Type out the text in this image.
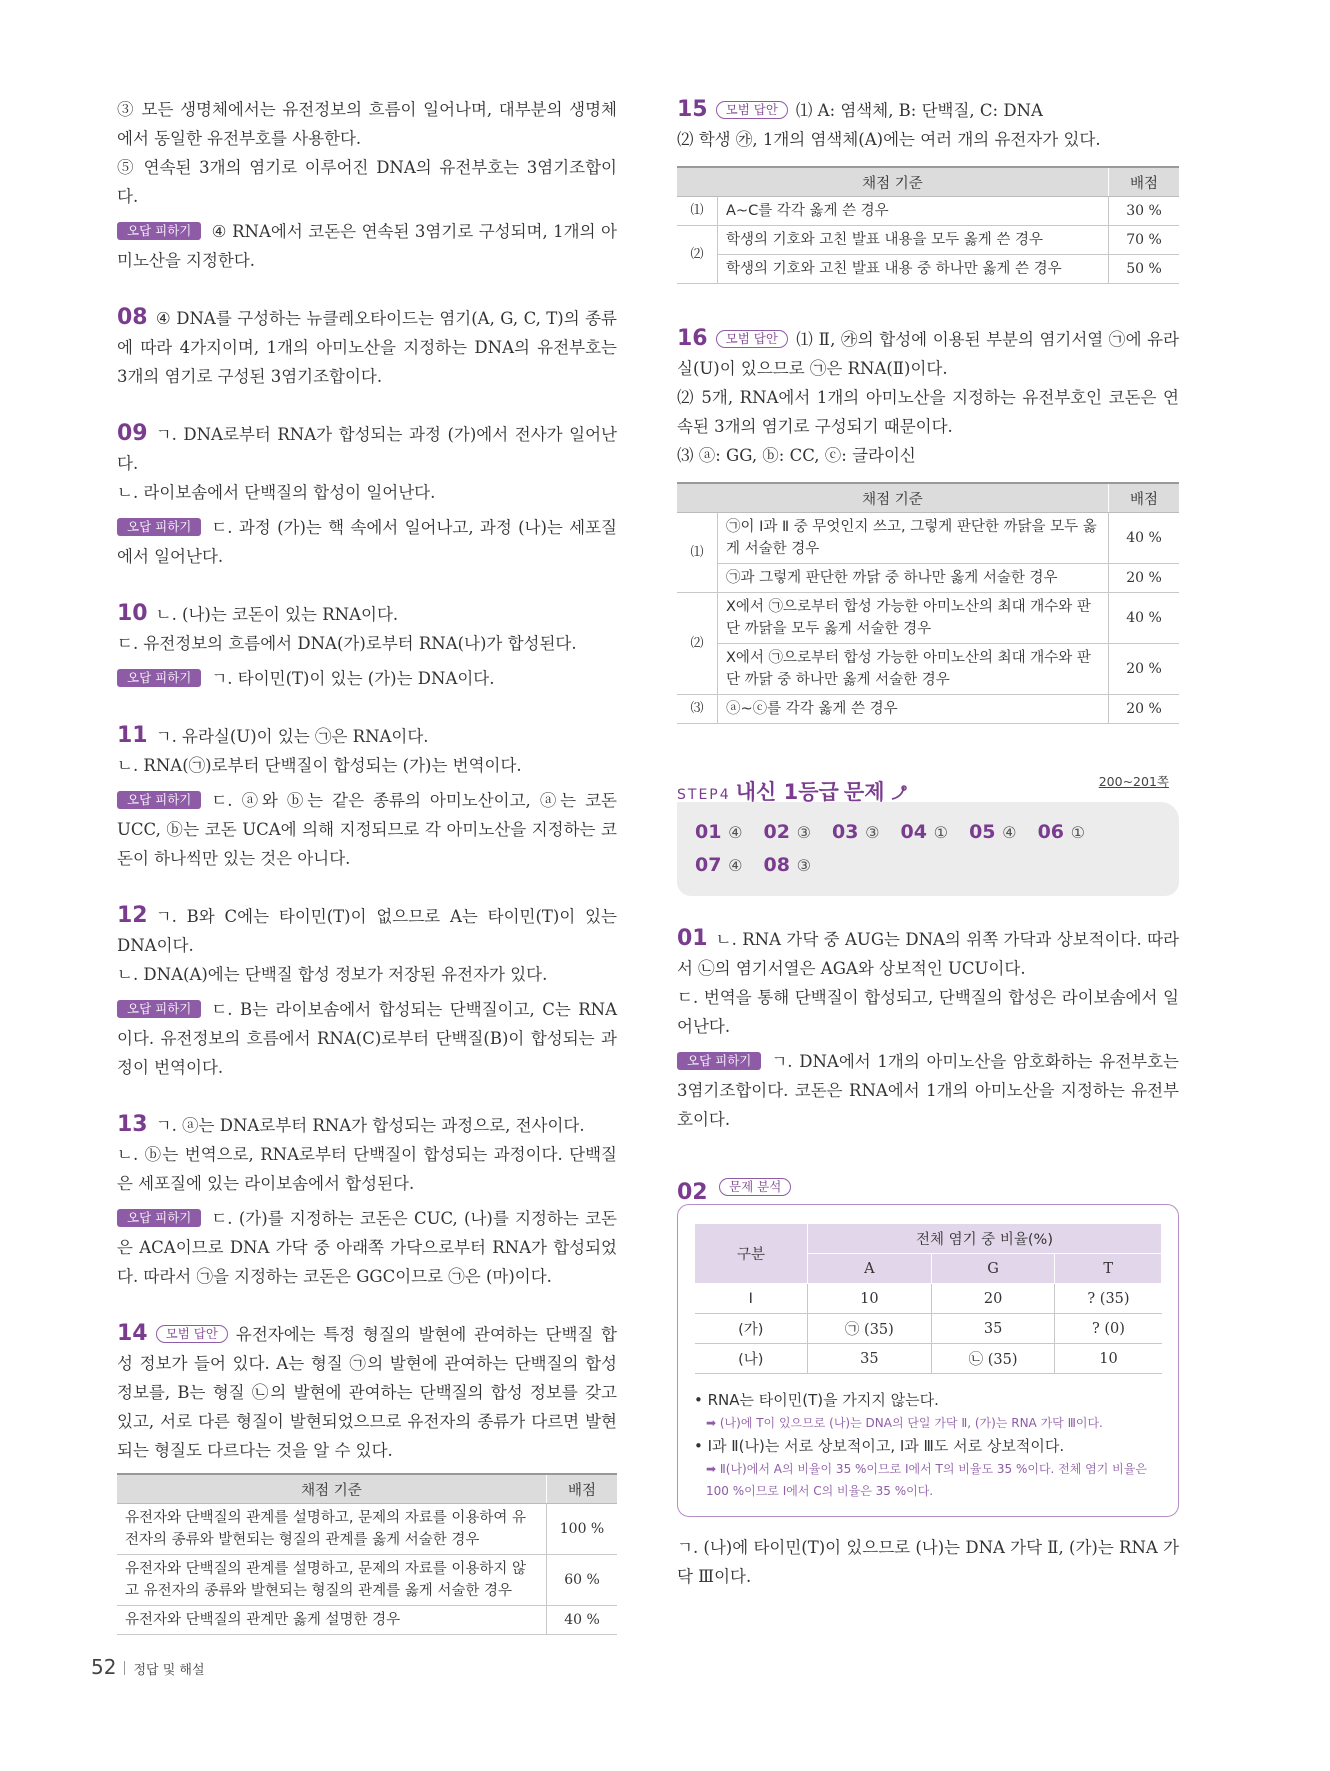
③ 모든 생명체에서는 유전정보의 흐름이 일어나며, 대부분의 생명체에서 동일한 유전부호를 사용한다.

⑤ 연속된 3개의 염기로 이루어진 DNA의 유전부호는 3염기조합이다.

오답 피하기 ④ RNA에서 코돈은 연속된 3염기로 구성되며, 1개의 아미노산을 지정한다.

08 ④ DNA를 구성하는 뉴클레오타이드는 염기(A, G, C, T)의 종류에 따라 4가지이며, 1개의 아미노산을 지정하는 DNA의 유전부호는 3개의 염기로 구성된 3염기조합이다.

09 ㄱ. DNA로부터 RNA가 합성되는 과정 (가)에서 전사가 일어난다.

ㄴ. 라이보솜에서 단백질의 합성이 일어난다.

오답 피하기 ㄷ. 과정 (가)는 핵 속에서 일어나고, 과정 (나)는 세포질에서 일어난다.

10 ㄴ. (나)는 코돈이 있는 RNA이다.

ㄷ. 유전정보의 흐름에서 DNA(가)로부터 RNA(나)가 합성된다.

오답 피하기 ㄱ. 타이민(T)이 있는 (가)는 DNA이다.

11 ㄱ. 유라실(U)이 있는 ㉠은 RNA이다.

ㄴ. RNA(㉠)로부터 단백질이 합성되는 (가)는 번역이다.

오답 피하기 ㄷ. ⓐ와 ⓑ는 같은 종류의 아미노산이고, ⓐ는 코돈 UCC, ⓑ는 코돈 UCA에 의해 지정되므로 각 아미노산을 지정하는 코돈이 하나씩만 있는 것은 아니다.

12 ㄱ. B와 C에는 타이민(T)이 없으므로 A는 타이민(T)이 있는 DNA이다.

ㄴ. DNA(A)에는 단백질 합성 정보가 저장된 유전자가 있다.

오답 피하기 ㄷ. B는 라이보솜에서 합성되는 단백질이고, C는 RNA이다. 유전정보의 흐름에서 RNA(C)로부터 단백질(B)이 합성되는 과정이 번역이다.

13 ㄱ. ⓐ는 DNA로부터 RNA가 합성되는 과정으로, 전사이다.

ㄴ. ⓑ는 번역으로, RNA로부터 단백질이 합성되는 과정이다. 단백질은 세포질에 있는 라이보솜에서 합성된다.

오답 피하기 ㄷ. (가)를 지정하는 코돈은 CUC, (나)를 지정하는 코돈은 ACA이므로 DNA 가닥 중 아래쪽 가닥으로부터 RNA가 합성되었다. 따라서 ㉠을 지정하는 코돈은 GGC이므로 ㉠은 (마)이다.

14 모범 답안 유전자에는 특정 형질의 발현에 관여하는 단백질 합성 정보가 들어 있다. A는 형질 ㉠의 발현에 관여하는 단백질의 합성 정보를, B는 형질 ㉡의 발현에 관여하는 단백질의 합성 정보를 갖고 있고, 서로 다른 형질이 발현되었으므로 유전자의 종류가 다르면 발현되는 형질도 다르다는 것을 알 수 있다.

채점 기준	배점
유전자와 단백질의 관계를 설명하고, 문제의 자료를 이용하여 유전자의 종류와 발현되는 형질의 관계를 옳게 서술한 경우	100 %
유전자와 단백질의 관계를 설명하고, 문제의 자료를 이용하지 않고 유전자의 종류와 발현되는 형질의 관계를 옳게 서술한 경우	60 %
유전자와 단백질의 관계만 옳게 설명한 경우	40 %

15 모범 답안 ⑴ A: 염색체, B: 단백질, C: DNA

⑵ 학생 ㉮, 1개의 염색체(A)에는 여러 개의 유전자가 있다.

채점 기준		배점
⑴	A~C를 각각 옳게 쓴 경우	30 %
⑵	학생의 기호와 고친 발표 내용을 모두 옳게 쓴 경우	70 %
	학생의 기호와 고친 발표 내용 중 하나만 옳게 쓴 경우	50 %

16 모범 답안 ⑴ Ⅱ, ㉮의 합성에 이용된 부분의 염기서열 ㉠에 유라실(U)이 있으므로 ㉠은 RNA(Ⅱ)이다.

⑵ 5개, RNA에서 1개의 아미노산을 지정하는 유전부호인 코돈은 연속된 3개의 염기로 구성되기 때문이다.

⑶ ⓐ: GG, ⓑ: CC, ⓒ: 글라이신

채점 기준		배점
⑴	㉠이 Ⅰ과 Ⅱ 중 무엇인지 쓰고, 그렇게 판단한 까닭을 모두 옳게 서술한 경우	40 %
	㉠과 그렇게 판단한 까닭 중 하나만 옳게 서술한 경우	20 %
⑵	X에서 ㉠으로부터 합성 가능한 아미노산의 최대 개수와 판단 까닭을 모두 옳게 서술한 경우	40 %
	X에서 ㉠으로부터 합성 가능한 아미노산의 최대 개수와 판단 까닭 중 하나만 옳게 서술한 경우	20 %
⑶	ⓐ~ⓒ를 각각 옳게 쓴 경우	20 %
STEP4 내신 1등급 문제	200~201쪽
01 ④ 02 ③ 03 ③ 04 ① 05 ④ 06 ① 07 ④ 08 ③

01 ㄴ. RNA 가닥 중 AUG는 DNA의 위쪽 가닥과 상보적이다. 따라서 ㉡의 염기서열은 AGA와 상보적인 UCU이다.

ㄷ. 번역을 통해 단백질이 합성되고, 단백질의 합성은 라이보솜에서 일어난다.

오답 피하기 ㄱ. DNA에서 1개의 아미노산을 암호화하는 유전부호는 3염기조합이다. 코돈은 RNA에서 1개의 아미노산을 지정하는 유전부호이다.

02	문제 분석
구분	전체 염기 중 비율(%)		
	A	G	T
Ⅰ	10	20	? (35)
(가)	㉠ (35)	35	? (0)
(나)	35	㉡ (35)	10
• RNA는 타이민(T)을 가지지 않는다.
➡ (나)에 T이 있으므로 (나)는 DNA의 단일 가닥 Ⅱ, (가)는 RNA 가닥 Ⅲ이다.
• Ⅰ과 Ⅱ(나)는 서로 상보적이고, Ⅰ과 Ⅲ도 서로 상보적이다.
➡ Ⅱ(나)에서 A의 비율이 35 %이므로 Ⅰ에서 T의 비율도 35 %이다. 전체 염기 비율은 100 %이므로 Ⅰ에서 C의 비율은 35 %이다.

ㄱ. (나)에 타이민(T)이 있으므로 (나)는 DNA 가닥 Ⅱ, (가)는 RNA 가닥 Ⅲ이다.

52 정답 및 해설
